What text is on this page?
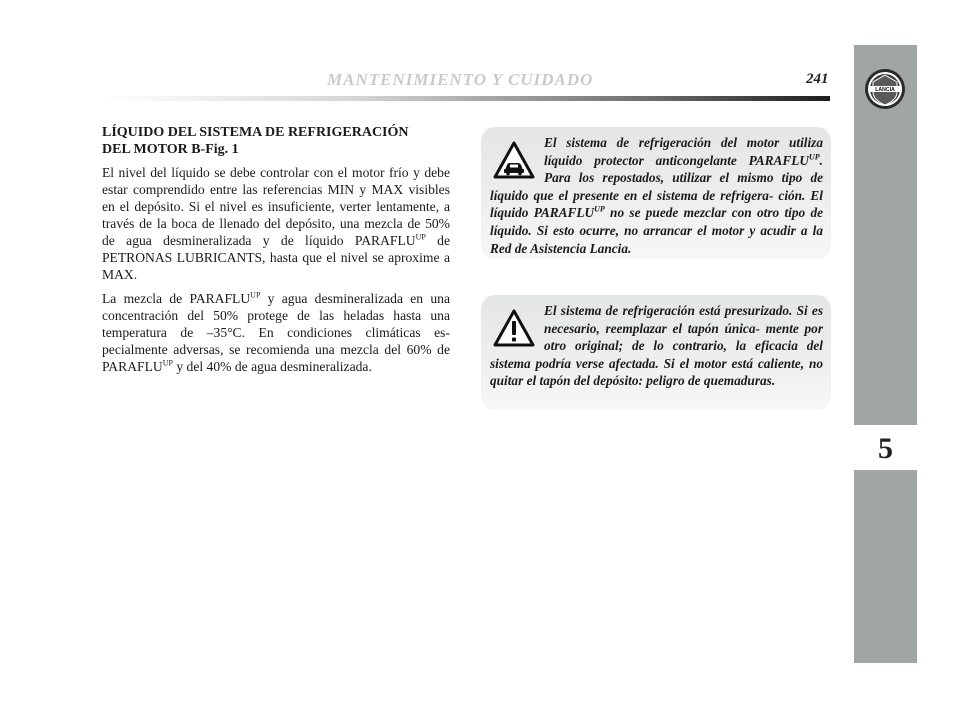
5
LANCIA
MANTENIMIENTO Y CUIDADO	241
LÍQUIDO DEL SISTEMA DE REFRIGERACIÓN
DEL MOTOR B-Fig. 1

El nivel del líquido se debe controlar con el motor frío y debe estar comprendido entre las referencias MIN y MAX visibles en el depósito. Si el nivel es insuficiente, verter lentamente, a través de la boca de llenado del depósito, una mezcla de 50% de agua desmineralizada y de líquido $PARAFLU^{UP}$ de PETRONAS LUBRICANTS, hasta que el nivel se aproxime a MAX.

La mezcla de $PARAFLU^{UP}$ y agua desmineralizada en una concentración del 50% protege de las heladas hasta una temperatura de –35°C. En condiciones climáticas es- pecialmente adversas, se recomienda una mezcla del 60% de $PARAFLU^{UP}$ y del 40% de agua desmineralizada.

El sistema de refrigeración del motor utiliza líquido protector anticongelante $PARAFLU^{UP}$. Para los repostados, utilizar el mismo tipo de líquido que el presente en el sistema de refrigera- ción. El líquido $PARAFLU^{UP}$ no se puede mezclar con otro tipo de líquido. Si esto ocurre, no arrancar el motor y acudir a la Red de Asistencia Lancia.

El sistema de refrigeración está presurizado. Si es necesario, reemplazar el tapón única- mente por otro original; de lo contrario, la eficacia del sistema podría verse afectada. Si el motor está caliente, no quitar el tapón del depósito: peligro de quemaduras.
